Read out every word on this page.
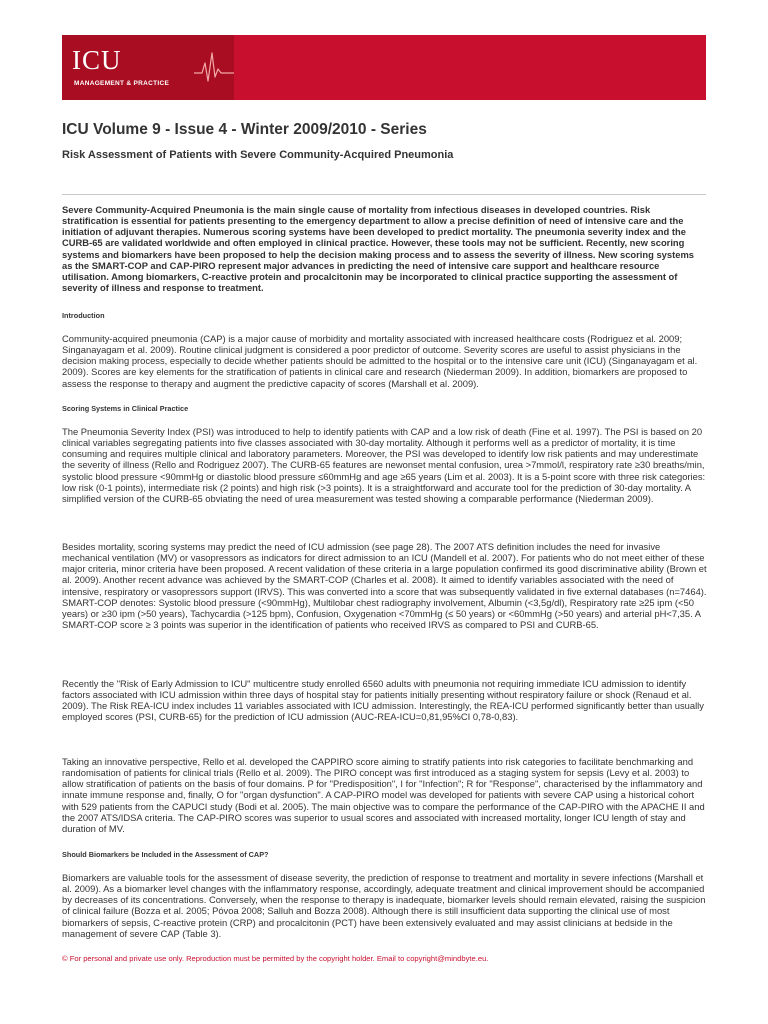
ICU
MANAGEMENT & PRACTICE
ICU Volume 9 - Issue 4 - Winter 2009/2010 - Series
Risk Assessment of Patients with Severe Community-Acquired Pneumonia

Severe Community-Acquired Pneumonia is the main single cause of mortality from infectious diseases in developed countries. Risk stratification is essential for patients presenting to the emergency department to allow a precise definition of need of intensive care and the initiation of adjuvant therapies. Numerous scoring systems have been developed to predict mortality. The pneumonia severity index and the CURB-65 are validated worldwide and often employed in clinical practice. However, these tools may not be sufficient. Recently, new scoring systems and biomarkers have been proposed to help the decision making process and to assess the severity of illness. New scoring systems as the SMART-COP and CAP-PIRO represent major advances in predicting the need of intensive care support and healthcare resource utilisation. Among biomarkers, C-reactive protein and procalcitonin may be incorporated to clinical practice supporting the assessment of severity of illness and response to treatment.

Introduction

Community-acquired pneumonia (CAP) is a major cause of morbidity and mortality associated with increased healthcare costs (Rodriguez et al. 2009; Singanayagam et al. 2009). Routine clinical judgment is considered a poor predictor of outcome. Severity scores are useful to assist physicians in the decision making process, especially to decide whether patients should be admitted to the hospital or to the intensive care unit (ICU) (Singanayagam et al. 2009). Scores are key elements for the stratification of patients in clinical care and research (Niederman 2009). In addition, biomarkers are proposed to assess the response to therapy and augment the predictive capacity of scores (Marshall et al. 2009).

Scoring Systems in Clinical Practice

The Pneumonia Severity Index (PSI) was introduced to help to identify patients with CAP and a low risk of death (Fine et al. 1997). The PSI is based on 20 clinical variables segregating patients into five classes associated with 30-day mortality. Although it performs well as a predictor of mortality, it is time consuming and requires multiple clinical and laboratory parameters. Moreover, the PSI was developed to identify low risk patients and may underestimate the severity of illness (Rello and Rodriguez 2007). The CURB-65 features are newonset mental confusion, urea >7mmol/l, respiratory rate ≥30 breaths/min, systolic blood pressure <90mmHg or diastolic blood pressure ≤60mmHg and age ≥65 years (Lim et al. 2003). It is a 5-point score with three risk categories: low risk (0-1 points), intermediate risk (2 points) and high risk (>3 points). It is a straightforward and accurate tool for the prediction of 30-day mortality. A simplified version of the CURB-65 obviating the need of urea measurement was tested showing a comparable performance (Niederman 2009).

Besides mortality, scoring systems may predict the need of ICU admission (see page 28). The 2007 ATS definition includes the need for invasive mechanical ventilation (MV) or vasopressors as indicators for direct admission to an ICU (Mandell et al. 2007). For patients who do not meet either of these major criteria, minor criteria have been proposed. A recent validation of these criteria in a large population confirmed its good discriminative ability (Brown et al. 2009). Another recent advance was achieved by the SMART-COP (Charles et al. 2008). It aimed to identify variables associated with the need of intensive, respiratory or vasopressors support (IRVS). This was converted into a score that was subsequently validated in five external databases (n=7464). SMART-COP denotes: Systolic blood pressure (<90mmHg), Multilobar chest radiography involvement, Albumin (<3,5g/dl), Respiratory rate ≥25 ipm (<50 years) or ≥30 ipm (>50 years), Tachycardia (>125 bpm), Confusion, Oxygenation <70mmHg (≤ 50 years) or <60mmHg (>50 years) and arterial pH<7,35. A SMART-COP score ≥ 3 points was superior in the identification of patients who received IRVS as compared to PSI and CURB-65.

Recently the "Risk of Early Admission to ICU" multicentre study enrolled 6560 adults with pneumonia not requiring immediate ICU admission to identify factors associated with ICU admission within three days of hospital stay for patients initially presenting without respiratory failure or shock (Renaud et al. 2009). The Risk REA-ICU index includes 11 variables associated with ICU admission. Interestingly, the REA-ICU performed significantly better than usually employed scores (PSI, CURB-65) for the prediction of ICU admission (AUC-REA-ICU=0,81,95%CI 0,78-0,83).

Taking an innovative perspective, Rello et al. developed the CAPPIRO score aiming to stratify patients into risk categories to facilitate benchmarking and randomisation of patients for clinical trials (Rello et al. 2009). The PIRO concept was first introduced as a staging system for sepsis (Levy et al. 2003) to allow stratification of patients on the basis of four domains. P for "Predisposition", I for "Infection"; R for "Response", characterised by the inflammatory and innate immune response and, finally, O for "organ dysfunction". A CAP-PIRO model was developed for patients with severe CAP using a historical cohort with 529 patients from the CAPUCI study (Bodi et al. 2005). The main objective was to compare the performance of the CAP-PIRO with the APACHE II and the 2007 ATS/IDSA criteria. The CAP-PIRO scores was superior to usual scores and associated with increased mortality, longer ICU length of stay and duration of MV.

Should Biomarkers be Included in the Assessment of CAP?

Biomarkers are valuable tools for the assessment of disease severity, the prediction of response to treatment and mortality in severe infections (Marshall et al. 2009). As a biomarker level changes with the inflammatory response, accordingly, adequate treatment and clinical improvement should be accompanied by decreases of its concentrations. Conversely, when the response to therapy is inadequate, biomarker levels should remain elevated, raising the suspicion of clinical failure (Bozza et al. 2005; Póvoa 2008; Salluh and Bozza 2008). Although there is still insufficient data supporting the clinical use of most biomarkers of sepsis, C-reactive protein (CRP) and procalcitonin (PCT) have been extensively evaluated and may assist clinicians at bedside in the management of severe CAP (Table 3).

© For personal and private use only. Reproduction must be permitted by the copyright holder. Email to copyright@mindbyte.eu.
